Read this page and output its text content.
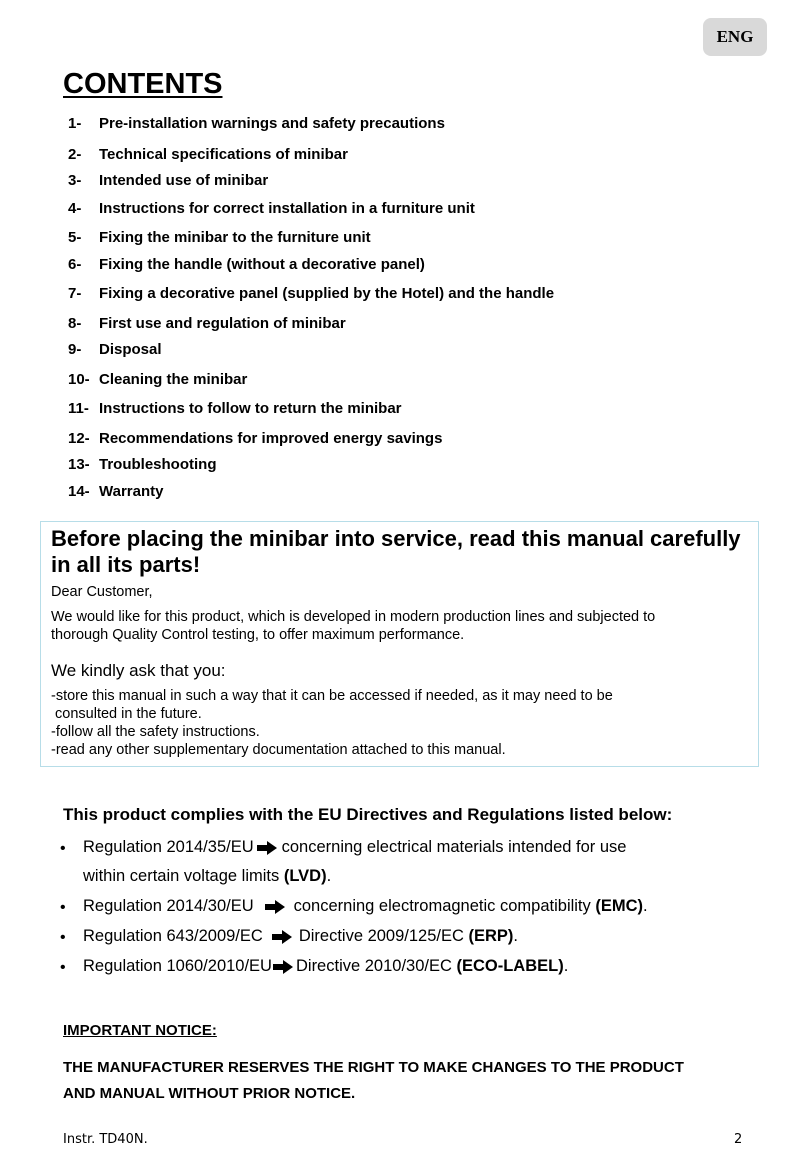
ENG
CONTENTS
1-	Pre-installation warnings and safety precautions
2-	Technical specifications of minibar
3-	Intended use of minibar
4-	Instructions for correct installation in a furniture unit
5-	Fixing the minibar to the furniture unit
6-	Fixing the handle (without a decorative panel)
7-	Fixing a decorative panel (supplied by the Hotel) and the handle
8-	First use and regulation of minibar
9-	Disposal
10- Cleaning the minibar
11- Instructions to follow to return the minibar
12- Recommendations for improved energy savings
13- Troubleshooting
14- Warranty
Before placing the minibar into service, read this manual carefully in all its parts!
Dear Customer,
We would like for this product, which is developed in modern production lines and subjected to
thorough Quality Control testing, to offer maximum performance.
We kindly ask that you:
-store this manual in such a way that it can be accessed if needed, as it may need to be
consulted in the future.
-follow all the safety instructions.
-read any other supplementary documentation attached to this manual.
This product complies with the EU Directives and Regulations listed below:
• Regulation 2014/35/EU concerning electrical materials intended for use
within certain voltage limits (LVD) .
• Regulation 2014/30/EU concerning electromagnetic compatibility (EMC) .
• Regulation 643/2009/EC Directive 2009/125/EC (ERP) .
• Regulation 1060/2010/EU Directive 2010/30/EC (ECO-LABEL) .
IMPORTANT NOTICE:
THE MANUFACTURER RESERVES THE RIGHT TO MAKE CHANGES TO THE PRODUCT
AND MANUAL WITHOUT PRIOR NOTICE.
Instr. TD40N.	2
